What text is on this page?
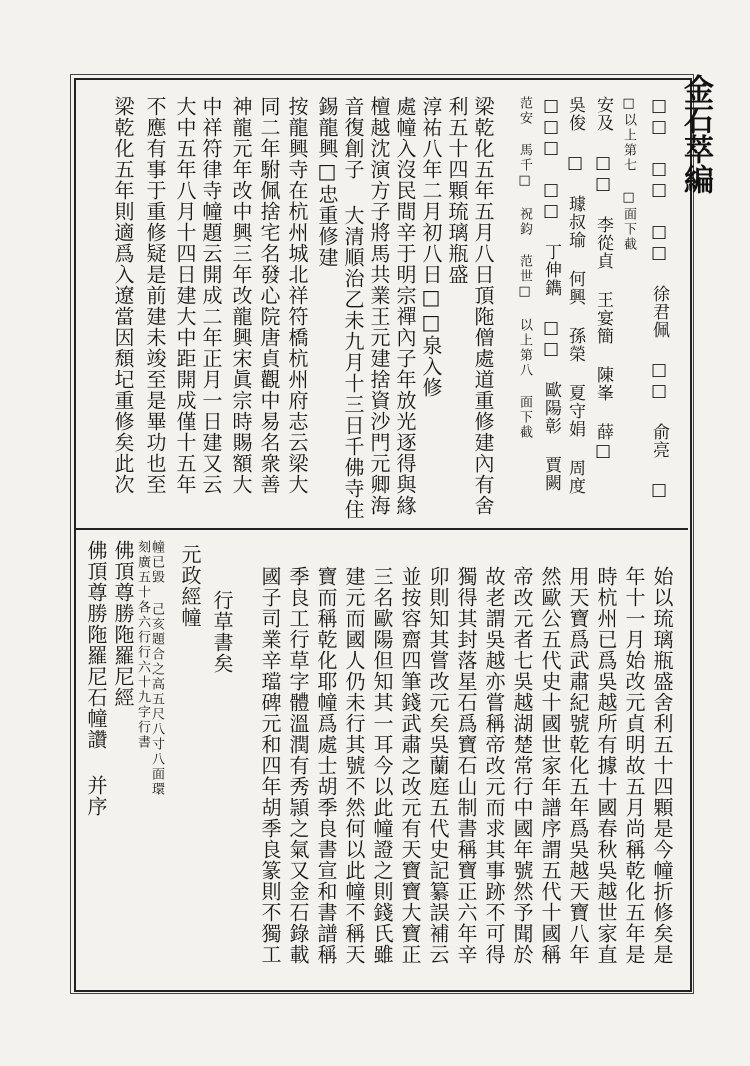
金石萃編
□□ □□ □□ 徐君佩 □□ 俞亮 □
□以上第七 □面下截
安及 □□ 李從貞 王宴簡 陳峯 薛□
吳俊 □ 璩叔瑜 何興 孫榮 夏守娟 周度
□□□ □□ 丁伸鐫 □□ 歐陽彰 賈闕
范安 馬千□ 祝鈞 范世□ 以上第八 面下截
梁乾化五年五月八日頂陁僧處道重修建內有舍
利五十四顆琉璃瓶盛
淳祐八年二月初八日□□泉入修
處幢入沒民間辛于明宗禪內子年放光逐得與緣
檀越沈演方子將馬共業王元建捨資沙門元卿海
音復創子 大清順治乙未九月十三日千佛寺住
錫龍興□忠重修建
按龍興寺在杭州城北祥符橋杭州府志云梁大
同二年駙佩捨宅名發心院唐貞觀中易名衆善
神龍元年改中興三年改龍興宋眞宗時賜額大
中祥符律寺幢題云開成二年正月一日建又云
大中五年八月十四日建大中距開成僅十五年
不應有事于重修疑是前建未竣至是畢功也至
梁乾化五年則適爲入遼當因頹圮重修矣此次
始以琉璃瓶盛舍利五十四顆是今幢折修矣是
年十一月始改元貞明故五月尚稱乾化五年是
時杭州已爲吳越所有據十國春秋吳越世家直
用天寶爲武肅紀號乾化五年爲吳越天寶八年
然歐公五代史十國世家年譜序謂五代十國稱
帝改元者七吳越湖楚常行中國年號然予聞於
故老謂吳越亦嘗稱帝改元而求其事跡不可得
獨得其封落星石爲寶石山制書稱寶正六年辛
卯則知其嘗改元矣吳蘭庭五代史記纂誤補云
並按容齋四筆錢武肅之改元有天寶寶大寶正
三名歐陽但知其一耳今以此幢證之則錢氏雖
建元而國人仍未行其號不然何以此幢不稱天
寶而稱乾化耶幢爲處士胡季良書宣和書譜稱
季良工行草字體溫潤有秀頴之氣又金石錄載
國子司業辛璫碑元和四年胡季良篆則不獨工
行草書矣
元政經幢
幢已毀 己亥題合之高五尺八寸八面環
刻廣五十各六行行六十九字行書
佛頂尊勝陁羅尼經
佛頂尊勝陁羅尼石幢讚 并序
